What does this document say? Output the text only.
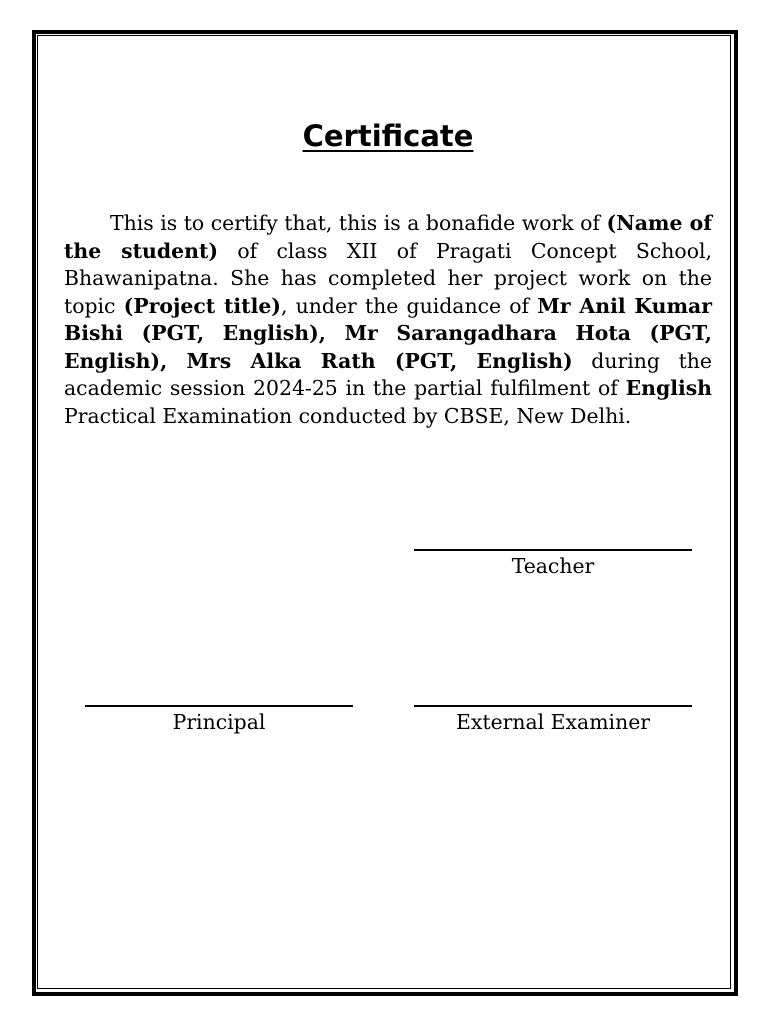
Certificate

This is to certify that, this is a bonafide work of (Name of the student) of class XII of Pragati Concept School, Bhawanipatna. She has completed her project work on the topic (Project title), under the guidance of Mr Anil Kumar Bishi (PGT, English), Mr Sarangadhara Hota (PGT, English), Mrs Alka Rath (PGT, English) during the academic session 2024-25 in the partial fulfilment of English Practical Examination conducted by CBSE, New Delhi.

Teacher
Principal	External Examiner
